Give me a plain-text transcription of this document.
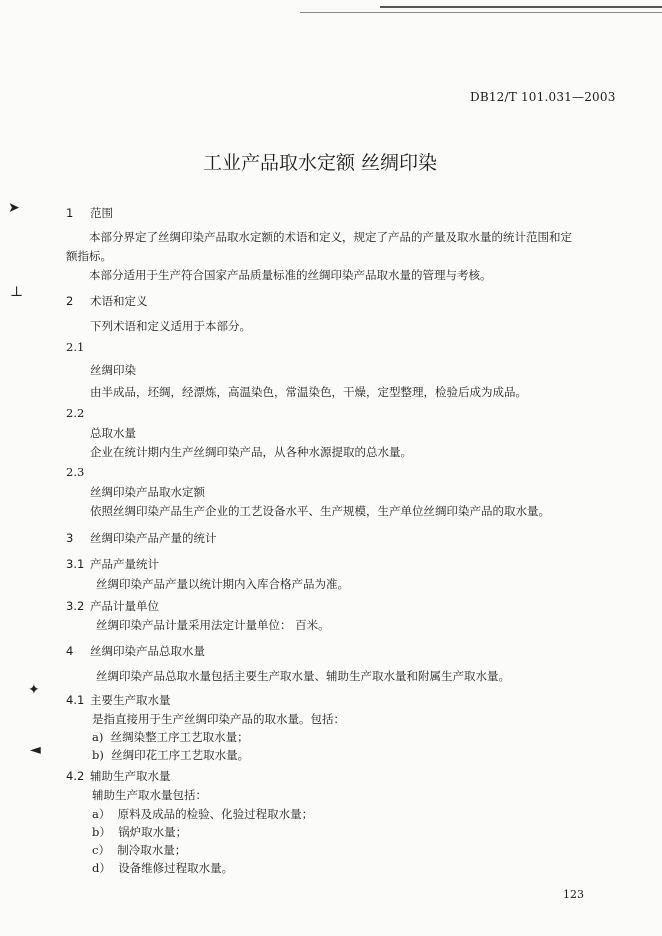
DB12/T 101.031—2003
工业产品取水定额 丝绸印染
➤
⊥
✦
◄
1 范围
本部分界定了丝绸印染产品取水定额的术语和定义，规定了产品的产量及取水量的统计范围和定
额指标。
本部分适用于生产符合国家产品质量标准的丝绸印染产品取水量的管理与考核。
2 术语和定义
下列术语和定义适用于本部分。
2.1
丝绸印染
由半成品，坯绸，经漂炼，高温染色，常温染色，干燥，定型整理，检验后成为成品。
2.2
总取水量
企业在统计期内生产丝绸印染产品，从各种水源提取的总水量。
2.3
丝绸印染产品取水定额
依照丝绸印染产品生产企业的工艺设备水平、生产规模，生产单位丝绸印染产品的取水量。
3 丝绸印染产品产量的统计
3.1 产品产量统计
丝绸印染产品产量以统计期内入库合格产品为准。
3.2 产品计量单位
丝绸印染产品计量采用法定计量单位： 百米。
4 丝绸印染产品总取水量
丝绸印染产品总取水量包括主要生产取水量、辅助生产取水量和附属生产取水量。
4.1 主要生产取水量
是指直接用于生产丝绸印染产品的取水量。包括：
a) 丝绸染整工序工艺取水量；
b) 丝绸印花工序工艺取水量。
4.2 辅助生产取水量
辅助生产取水量包括：
a） 原料及成品的检验、化验过程取水量；
b） 锅炉取水量；
c） 制冷取水量；
d） 设备维修过程取水量。
123
